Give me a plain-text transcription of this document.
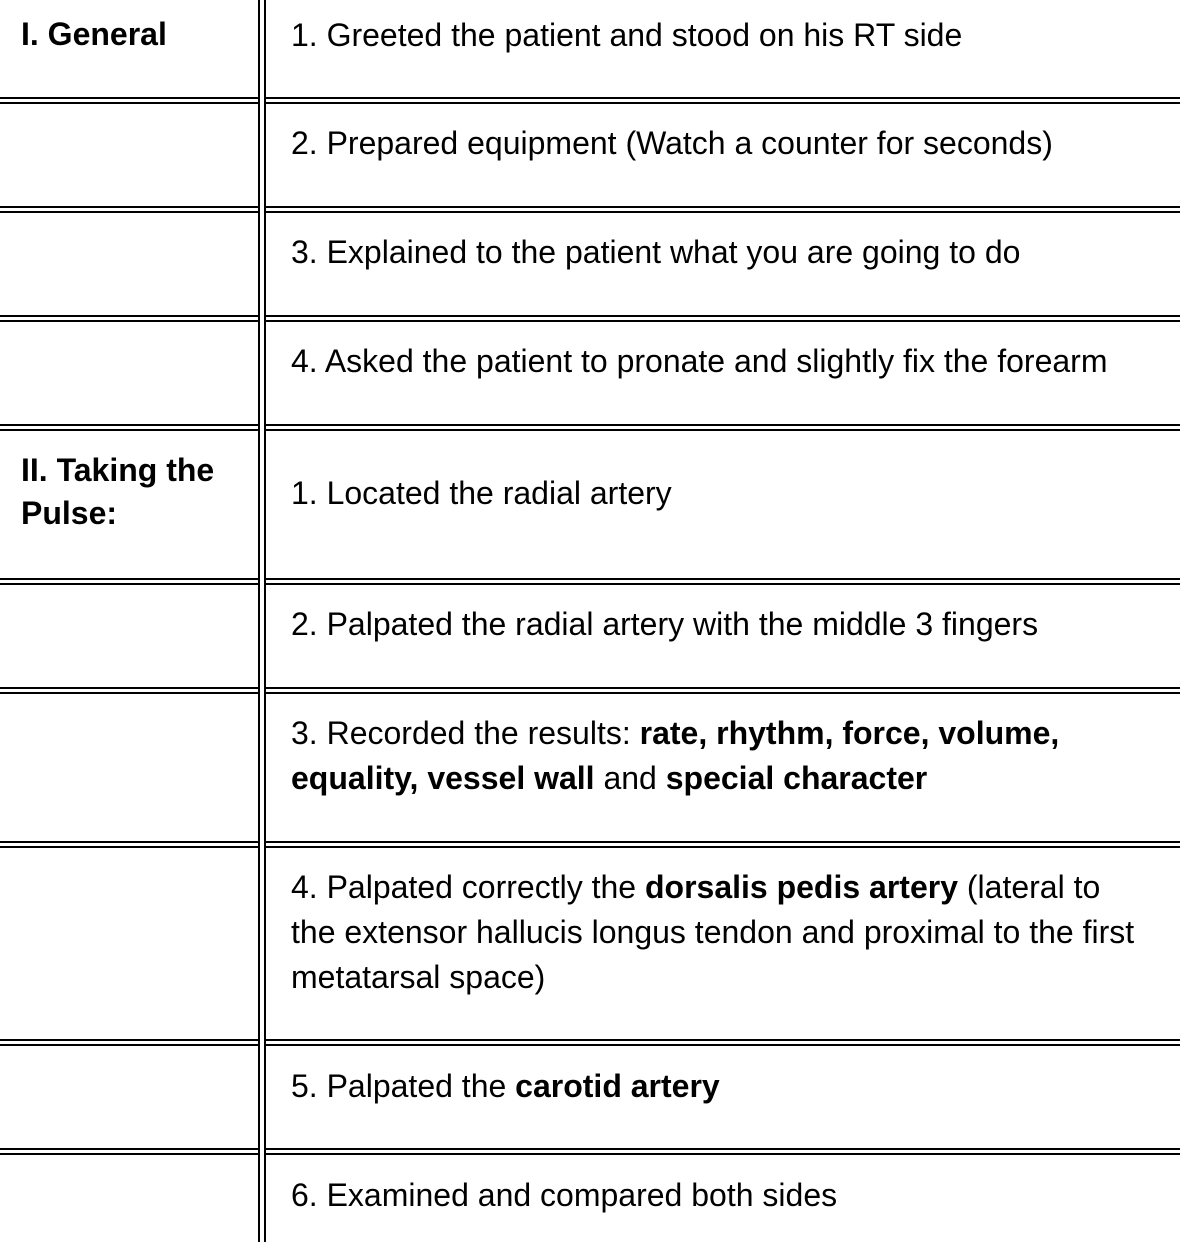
I. General	1. Greeted the patient and stood on his RT side
2. Prepared equipment (Watch a counter for seconds)
3. Explained to the patient what you are going to do
4. Asked the patient to pronate and slightly fix the forearm
II. Taking the Pulse:
1. Located the radial artery
2. Palpated the radial artery with the middle 3 fingers
3. Recorded the results: rate, rhythm, force, volume,
equality, vessel wall and special character
4. Palpated correctly the dorsalis pedis artery (lateral to
the extensor hallucis longus tendon and proximal to the first
metatarsal space)
5. Palpated the carotid artery
6. Examined and compared both sides
